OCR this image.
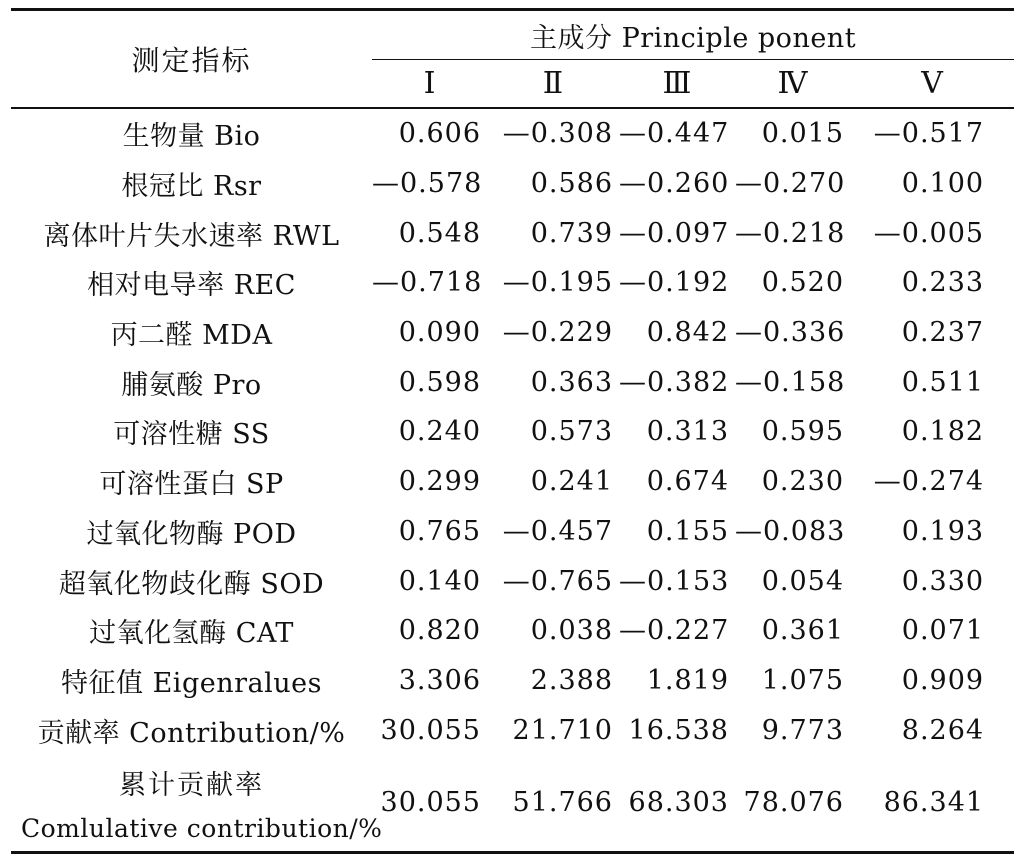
测定指标	主成分 Principle ponent				
	Ⅰ	Ⅱ	Ⅲ	Ⅳ	Ⅴ
生物量 Bio	0.606	—0.308	—0.447	0.015	—0.517
根冠比 Rsr	—0.578	0.586	—0.260	—0.270	0.100
离体叶片失水速率 RWL	0.548	0.739	—0.097	—0.218	—0.005
相对电导率 REC	—0.718	—0.195	—0.192	0.520	0.233
丙二醛 MDA	0.090	—0.229	0.842	—0.336	0.237
脯氨酸 Pro	0.598	0.363	—0.382	—0.158	0.511
可溶性糖 SS	0.240	0.573	0.313	0.595	0.182
可溶性蛋白 SP	0.299	0.241	0.674	0.230	—0.274
过氧化物酶 POD	0.765	—0.457	0.155	—0.083	0.193
超氧化物歧化酶 SOD	0.140	—0.765	—0.153	0.054	0.330
过氧化氢酶 CAT	0.820	0.038	—0.227	0.361	0.071
特征值 Eigenralues	3.306	2.388	1.819	1.075	0.909
贡献率 Contribution/%	30.055	21.710	16.538	9.773	8.264

累计贡献率
Comlulative contribution/%	30.055	51.766	68.303	78.076	86.341
